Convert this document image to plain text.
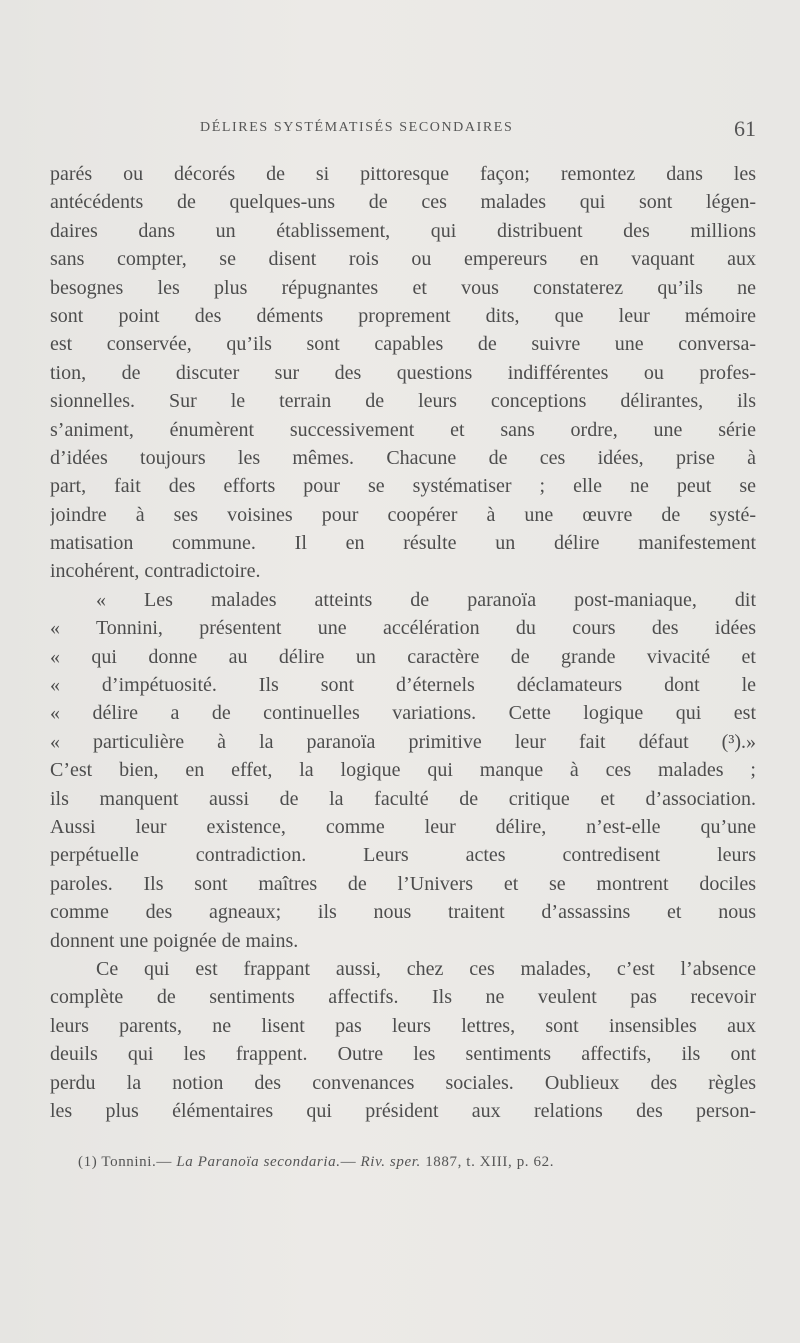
DÉLIRES SYSTÉMATISÉS SECONDAIRES	61
parés ou décorés de si pittoresque façon; remontez dans les
antécédents de quelques-uns de ces malades qui sont légen-
daires dans un établissement, qui distribuent des millions
sans compter, se disent rois ou empereurs en vaquant aux
besognes les plus répugnantes et vous constaterez qu’ils ne
sont point des déments proprement dits, que leur mémoire
est conservée, qu’ils sont capables de suivre une conversa-
tion, de discuter sur des questions indifférentes ou profes-
sionnelles. Sur le terrain de leurs conceptions délirantes, ils
s’animent, énumèrent successivement et sans ordre, une série
d’idées toujours les mêmes. Chacune de ces idées, prise à
part, fait des efforts pour se systématiser ; elle ne peut se
joindre à ses voisines pour coopérer à une œuvre de systé-
matisation commune. Il en résulte un délire manifestement
incohérent, contradictoire.
« Les malades atteints de paranoïa post-maniaque, dit
« Tonnini, présentent une accélération du cours des idées
« qui donne au délire un caractère de grande vivacité et
« d’impétuosité. Ils sont d’éternels déclamateurs dont le
« délire a de continuelles variations. Cette logique qui est
« particulière à la paranoïa primitive leur fait défaut (³).»
C’est bien, en effet, la logique qui manque à ces malades ;
ils manquent aussi de la faculté de critique et d’association.
Aussi leur existence, comme leur délire, n’est-elle qu’une
perpétuelle contradiction. Leurs actes contredisent leurs
paroles. Ils sont maîtres de l’Univers et se montrent dociles
comme des agneaux; ils nous traitent d’assassins et nous
donnent une poignée de mains.
Ce qui est frappant aussi, chez ces malades, c’est l’absence
complète de sentiments affectifs. Ils ne veulent pas recevoir
leurs parents, ne lisent pas leurs lettres, sont insensibles aux
deuils qui les frappent. Outre les sentiments affectifs, ils ont
perdu la notion des convenances sociales. Oublieux des règles
les plus élémentaires qui président aux relations des person-
(1) Tonnini.— La Paranoïa secondaria.— Riv. sper. 1887, t. XIII, p. 62.
